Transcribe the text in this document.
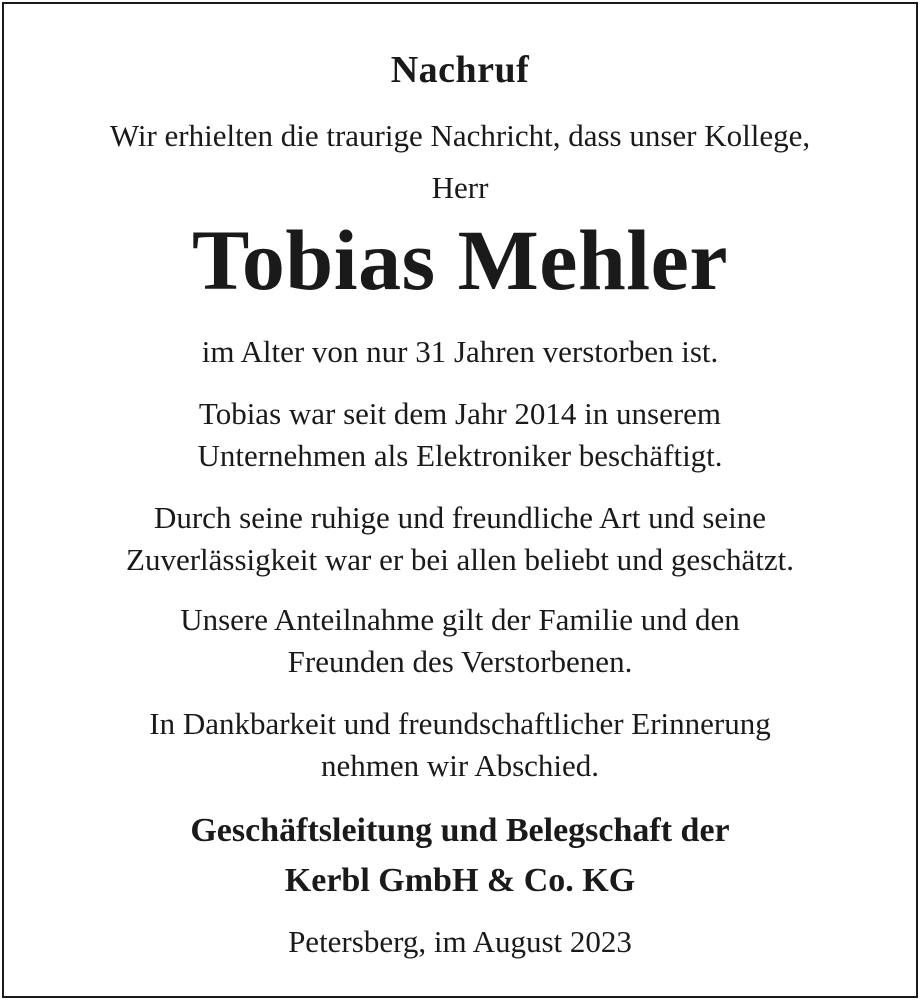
Nachruf
Wir erhielten die traurige Nachricht, dass unser Kollege,
Herr
Tobias Mehler
im Alter von nur 31 Jahren verstorben ist.
Tobias war seit dem Jahr 2014 in unserem
Unternehmen als Elektroniker beschäftigt.
Durch seine ruhige und freundliche Art und seine
Zuverlässigkeit war er bei allen beliebt und geschätzt.
Unsere Anteilnahme gilt der Familie und den
Freunden des Verstorbenen.
In Dankbarkeit und freundschaftlicher Erinnerung
nehmen wir Abschied.
Geschäftsleitung und Belegschaft der
Kerbl GmbH & Co. KG
Petersberg, im August 2023
